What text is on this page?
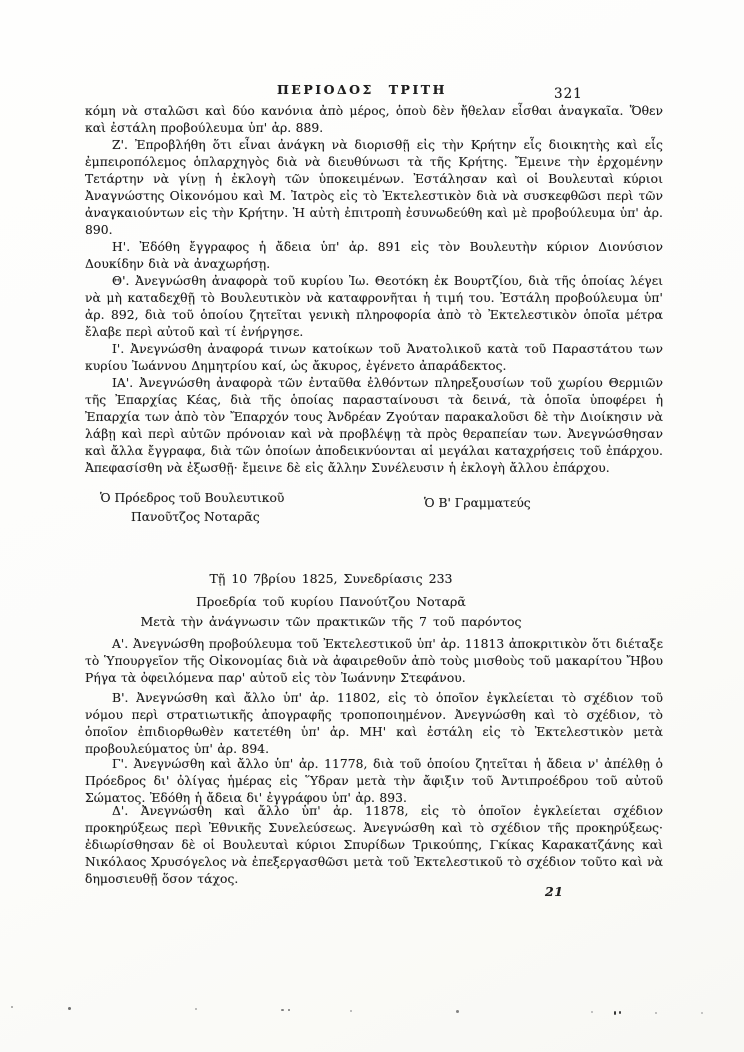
ΠΕΡΙΟΔΟΣ ΤΡΙΤΗ	321

κόμη νὰ σταλῶσι καὶ δύο κανόνια ἀπὸ μέρος, ὁποὺ δὲν ἤθελαν εἶσθαι ἀναγκαῖα. Ὅθεν καὶ ἐστάλη προβούλευμα ὑπ' ἀρ. 889.

Ζ'. Ἐπροβλήθη ὅτι εἶναι ἀνάγκη νὰ διορισθῇ εἰς τὴν Κρήτην εἷς διοικητὴς καὶ εἷς ἐμπειροπόλεμος ὁπλαρχηγὸς διὰ νὰ διευθύνωσι τὰ τῆς Κρήτης. Ἔμεινε τὴν ἐρχομένην Τετάρτην νὰ γίνῃ ἡ ἐκλογὴ τῶν ὑποκειμένων. Ἐστάλησαν καὶ οἱ Βουλευταὶ κύριοι Ἀναγνώστης Οἰκονόμου καὶ Μ. Ἰατρὸς εἰς τὸ Ἐκτελεστικὸν διὰ νὰ συσκεφθῶσι περὶ τῶν ἀναγκαιούντων εἰς τὴν Κρήτην. Ἡ αὐτὴ ἐπιτροπὴ ἐσυνωδεύθη καὶ μὲ προβούλευμα ὑπ' ἀρ. 890.

Η'. Ἐδόθη ἔγγραφος ἡ ἄδεια ὑπ' ἀρ. 891 εἰς τὸν Βουλευτὴν κύριον Διονύσιον Δουκίδην διὰ νὰ ἀναχωρήσῃ.

Θ'. Ἀνεγνώσθη ἀναφορὰ τοῦ κυρίου Ἰω. Θεοτόκη ἐκ Βουρτζίου, διὰ τῆς ὁποίας λέγει νὰ μὴ καταδεχθῇ τὸ Βουλευτικὸν νὰ καταφρονῆται ἡ τιμή του. Ἐστάλη προβούλευμα ὑπ' ἀρ. 892, διὰ τοῦ ὁποίου ζητεῖται γενικὴ πληροφορία ἀπὸ τὸ Ἐκτελεστικὸν ὁποῖα μέτρα ἔλαβε περὶ αὐτοῦ καὶ τί ἐνήργησε.

Ι'. Ἀνεγνώσθη ἀναφορά τινων κατοίκων τοῦ Ἀνατολικοῦ κατὰ τοῦ Παραστάτου των κυρίου Ἰωάννου Δημητρίου καί, ὡς ἄκυρος, ἐγένετο ἀπαράδεκτος.

ΙΑ'. Ἀνεγνώσθη ἀναφορὰ τῶν ἐνταῦθα ἐλθόντων πληρεξουσίων τοῦ χωρίου Θερμιῶν τῆς Ἐπαρχίας Κέας, διὰ τῆς ὁποίας παρασταίνουσι τὰ δεινά, τὰ ὁποῖα ὑποφέρει ἡ Ἐπαρχία των ἀπὸ τὸν Ἔπαρχόν τους Ἀνδρέαν Ζγούταν παρακαλοῦσι δὲ τὴν Διοίκησιν νὰ λάβῃ καὶ περὶ αὐτῶν πρόνοιαν καὶ νὰ προβλέψῃ τὰ πρὸς θεραπείαν των. Ἀνεγνώσθησαν καὶ ἄλλα ἔγγραφα, διὰ τῶν ὁποίων ἀποδεικνύονται αἱ μεγάλαι καταχρήσεις τοῦ ἐπάρχου. Ἀπεφασίσθη νὰ ἐξωσθῇ· ἔμεινε δὲ εἰς ἄλλην Συνέλευσιν ἡ ἐκλογὴ ἄλλου ἐπάρχου.

Ὁ Πρόεδρος τοῦ Βουλευτικοῦ
Πανοῦτζος Νοταρᾶς
Ὁ Β' Γραμματεύς
Τῇ 10 7βρίου 1825, Συνεδρίασις 233
Προεδρία τοῦ κυρίου Πανούτζου Νοταρᾶ
Μετὰ τὴν ἀνάγνωσιν τῶν πρακτικῶν τῆς 7 τοῦ παρόντος

Α'. Ἀνεγνώσθη προβούλευμα τοῦ Ἐκτελεστικοῦ ὑπ' ἀρ. 11813 ἀποκριτικὸν ὅτι διέταξε τὸ Ὑπουργεῖον τῆς Οἰκονομίας διὰ νὰ ἀφαιρεθοῦν ἀπὸ τοὺς μισθοὺς τοῦ μακαρίτου Ἤβου Ρήγα τὰ ὀφειλόμενα παρ' αὐτοῦ εἰς τὸν Ἰωάννην Στεφάνου.

Β'. Ἀνεγνώσθη καὶ ἄλλο ὑπ' ἀρ. 11802, εἰς τὸ ὁποῖον ἐγκλείεται τὸ σχέδιον τοῦ νόμου περὶ στρατιωτικῆς ἀπογραφῆς τροποποιημένον. Ἀνεγνώσθη καὶ τὸ σχέδιον, τὸ ὁποῖον ἐπιδιορθωθὲν κατετέθη ὑπ' ἀρ. ΜΗ' καὶ ἐστάλη εἰς τὸ Ἐκτελεστικὸν μετὰ προβουλεύματος ὑπ' ἀρ. 894.

Γ'. Ἀνεγνώσθη καὶ ἄλλο ὑπ' ἀρ. 11778, διὰ τοῦ ὁποίου ζητεῖται ἡ ἄδεια ν' ἀπέλθῃ ὁ Πρόεδρος δι' ὀλίγας ἡμέρας εἰς Ὕδραν μετὰ τὴν ἄφιξιν τοῦ Ἀντιπροέδρου τοῦ αὐτοῦ Σώματος. Ἐδόθη ἡ ἄδεια δι' ἐγγράφου ὑπ' ἀρ. 893.

Δ'. Ἀνεγνώσθη καὶ ἄλλο ὑπ' ἀρ. 11878, εἰς τὸ ὁποῖον ἐγκλείεται σχέδιον προκηρύξεως περὶ Ἐθνικῆς Συνελεύσεως. Ἀνεγνώσθη καὶ τὸ σχέδιον τῆς προκηρύξεως· ἐδιωρίσθησαν δὲ οἱ Βουλευταὶ κύριοι Σπυρίδων Τρικούπης, Γκίκας Καρακατζάνης καὶ Νικόλαος Χρυσόγελος νὰ ἐπεξεργασθῶσι μετὰ τοῦ Ἐκτελεστικοῦ τὸ σχέδιον τοῦτο καὶ νὰ δημοσιευθῇ ὅσον τάχος.

21
